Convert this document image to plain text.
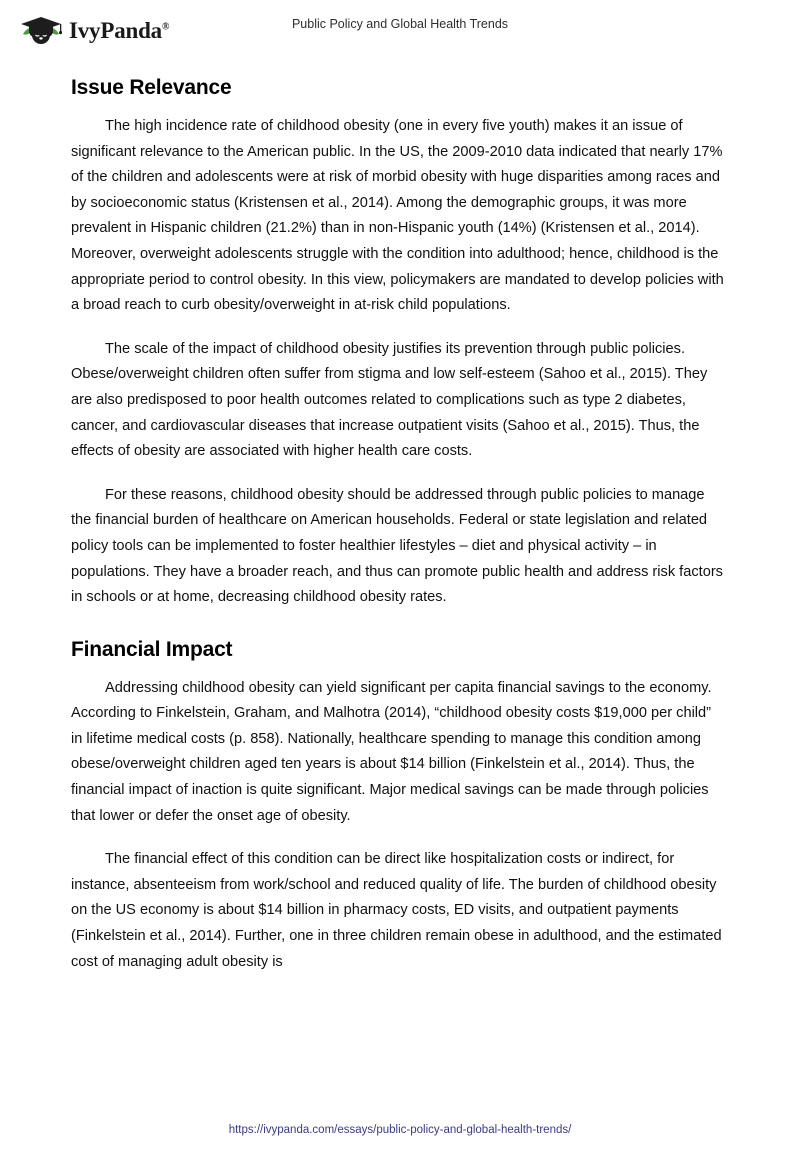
IvyPanda®	Public Policy and Global Health Trends
Issue Relevance

The high incidence rate of childhood obesity (one in every five youth) makes it an issue of significant relevance to the American public. In the US, the 2009-2010 data indicated that nearly 17% of the children and adolescents were at risk of morbid obesity with huge disparities among races and by socioeconomic status (Kristensen et al., 2014). Among the demographic groups, it was more prevalent in Hispanic children (21.2%) than in non-Hispanic youth (14%) (Kristensen et al., 2014). Moreover, overweight adolescents struggle with the condition into adulthood; hence, childhood is the appropriate period to control obesity. In this view, policymakers are mandated to develop policies with a broad reach to curb obesity/overweight in at-risk child populations.

The scale of the impact of childhood obesity justifies its prevention through public policies. Obese/overweight children often suffer from stigma and low self-esteem (Sahoo et al., 2015). They are also predisposed to poor health outcomes related to complications such as type 2 diabetes, cancer, and cardiovascular diseases that increase outpatient visits (Sahoo et al., 2015). Thus, the effects of obesity are associated with higher health care costs.

For these reasons, childhood obesity should be addressed through public policies to manage the financial burden of healthcare on American households. Federal or state legislation and related policy tools can be implemented to foster healthier lifestyles – diet and physical activity – in populations. They have a broader reach, and thus can promote public health and address risk factors in schools or at home, decreasing childhood obesity rates.

Financial Impact

Addressing childhood obesity can yield significant per capita financial savings to the economy. According to Finkelstein, Graham, and Malhotra (2014), “childhood obesity costs $19,000 per child” in lifetime medical costs (p. 858). Nationally, healthcare spending to manage this condition among obese/overweight children aged ten years is about $14 billion (Finkelstein et al., 2014). Thus, the financial impact of inaction is quite significant. Major medical savings can be made through policies that lower or defer the onset age of obesity.

The financial effect of this condition can be direct like hospitalization costs or indirect, for instance, absenteeism from work/school and reduced quality of life. The burden of childhood obesity on the US economy is about $14 billion in pharmacy costs, ED visits, and outpatient payments (Finkelstein et al., 2014). Further, one in three children remain obese in adulthood, and the estimated cost of managing adult obesity is

https://ivypanda.com/essays/public-policy-and-global-health-trends/
